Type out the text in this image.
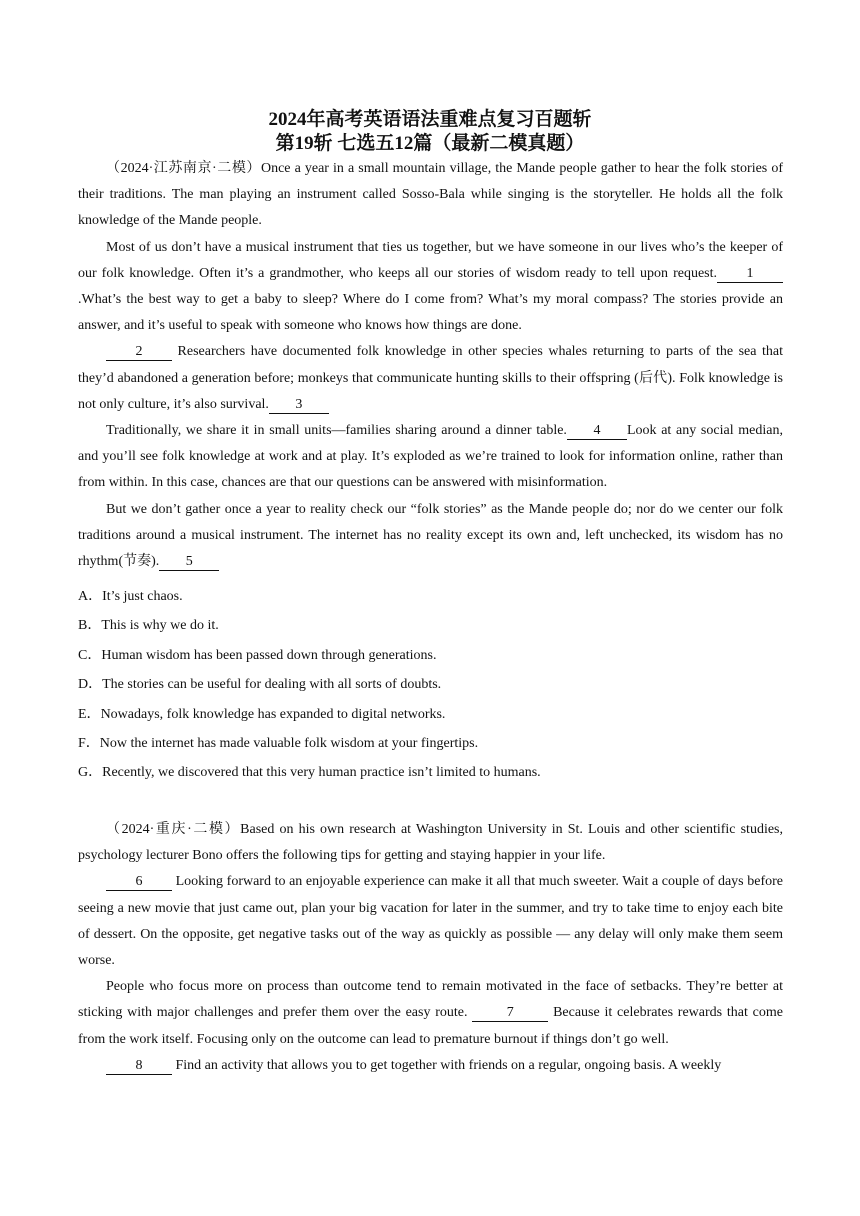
2024年高考英语语法重难点复习百题斩
第19斩 七选五12篇（最新二模真题）

（2024·江苏南京·二模）Once a year in a small mountain village, the Mande people gather to hear the folk stories of their traditions. The man playing an instrument called Sosso-Bala while singing is the storyteller. He holds all the folk knowledge of the Mande people.

Most of us don’t have a musical instrument that ties us together, but we have someone in our lives who’s the keeper of our folk knowledge. Often it’s a grandmother, who keeps all our stories of wisdom ready to tell upon request. 1 .What’s the best way to get a baby to sleep? Where do I come from? What’s my moral compass? The stories provide an answer, and it’s useful to speak with someone who knows how things are done.

2 Researchers have documented folk knowledge in other species whales returning to parts of the sea that they’d abandoned a generation before; monkeys that communicate hunting skills to their offspring (后代). Folk knowledge is not only culture, it’s also survival. 3

Traditionally, we share it in small units—families sharing around a dinner table. 4 Look at any social median, and you’ll see folk knowledge at work and at play. It’s exploded as we’re trained to look for information online, rather than from within. In this case, chances are that our questions can be answered with misinformation.

But we don’t gather once a year to reality check our “folk stories” as the Mande people do; nor do we center our folk traditions around a musical instrument. The internet has no reality except its own and, left unchecked, its wisdom has no rhythm(节奏). 5

A．It’s just chaos.

B．This is why we do it.

C．Human wisdom has been passed down through generations.

D．The stories can be useful for dealing with all sorts of doubts.

E．Nowadays, folk knowledge has expanded to digital networks.

F．Now the internet has made valuable folk wisdom at your fingertips.

G．Recently, we discovered that this very human practice isn’t limited to humans.

（2024·重庆·二模）Based on his own research at Washington University in St. Louis and other scientific studies, psychology lecturer Bono offers the following tips for getting and staying happier in your life.

6 Looking forward to an enjoyable experience can make it all that much sweeter. Wait a couple of days before seeing a new movie that just came out, plan your big vacation for later in the summer, and try to take time to enjoy each bite of dessert. On the opposite, get negative tasks out of the way as quickly as possible — any delay will only make them seem worse.

People who focus more on process than outcome tend to remain motivated in the face of setbacks. They’re better at sticking with major challenges and prefer them over the easy route. 7 Because it celebrates rewards that come from the work itself. Focusing only on the outcome can lead to premature burnout if things don’t go well.

8 Find an activity that allows you to get together with friends on a regular, ongoing basis. A weekly
